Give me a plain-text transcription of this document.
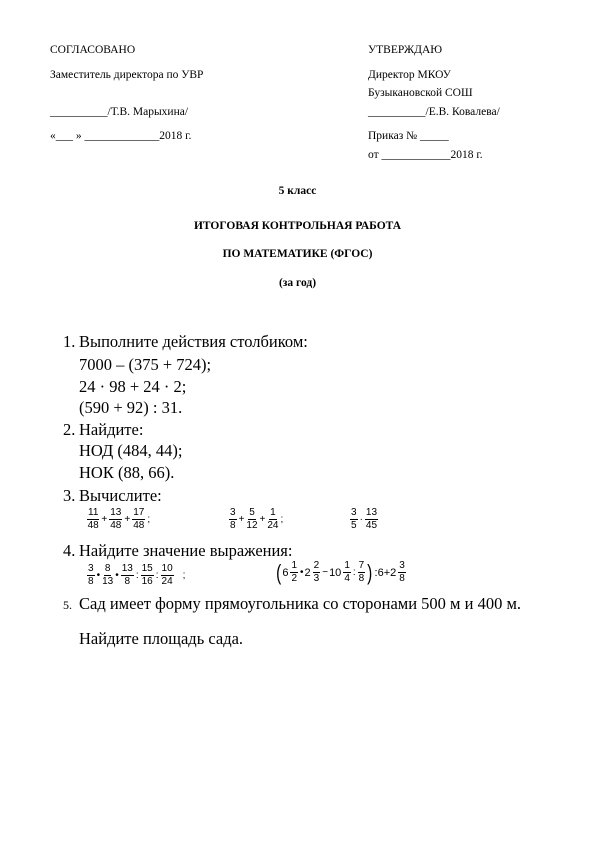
СОГЛАСОВАНО
Заместитель директора по УВР
__________/Т.В. Марыхина/
«___ » _____________2018 г.
УТВЕРЖДАЮ
Директор МКОУ
Бузыкановской СОШ
__________/Е.В. Ковалева/
Приказ № _____
от ____________2018 г.
5 класс
ИТОГОВАЯ КОНТРОЛЬНАЯ РАБОТА
ПО МАТЕМАТИКЕ (ФГОС)
(за год)
1. Выполните действия столбиком:
7000 – (375 + 724);
24 · 98 + 24 · 2;
(590 + 92) : 31.
2. Найдите:
НОД (484, 44);
НОК (88, 66).
3. Вычислите:
$\frac{11}{48} + \frac{13}{48} + \frac{17}{48}$ ;	$\frac{3}{8} + \frac{5}{12} + \frac{1}{24}$ ;	$\frac{3}{5} \cdot \frac{13}{45}$
4. Найдите значение выражения:
$\frac{3}{8}$ • $\frac{8}{13}$ • $\frac{13}{8}$ : $\frac{15}{16}$ : $\frac{10}{24}$ ;	( $6 \frac{1}{2}$ • $2 \frac{2}{3} - 10 \frac{1}{4}$ : $\frac{7}{8}$ ) :6+2 $\frac{3}{8}$
5. Сад имеет форму прямоугольника со сторонами 500 м и 400 м.
Найдите площадь сада.
